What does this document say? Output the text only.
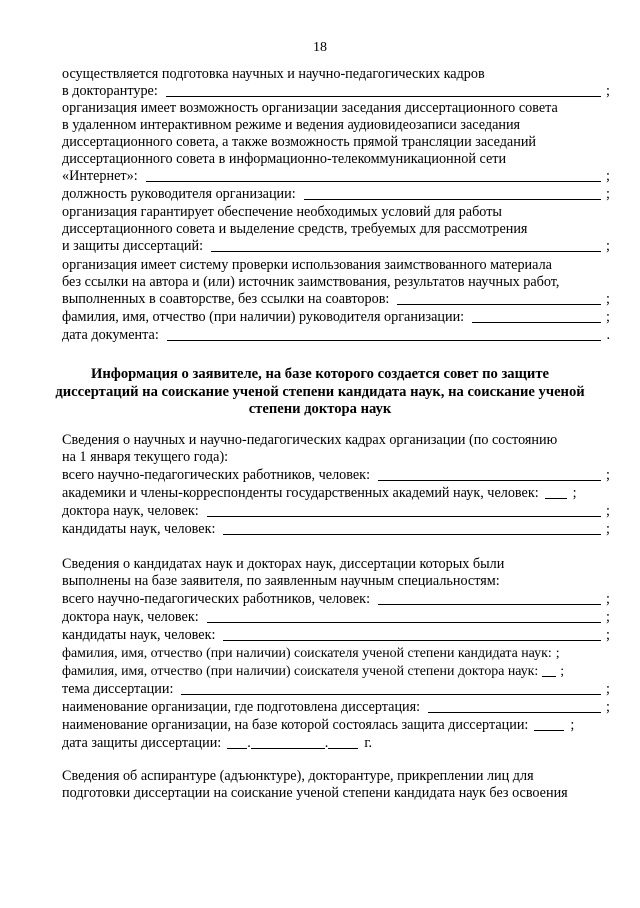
18
осуществляется подготовка научных и научно-педагогических кадров
в докторантуре:	;
организация имеет возможность организации заседания диссертационного совета
в удаленном интерактивном режиме и ведения аудиовидеозаписи заседания
диссертационного совета, а также возможность прямой трансляции заседаний
диссертационного совета в информационно-телекоммуникационной сети
«Интернет»:	;
должность руководителя организации:	;
организация гарантирует обеспечение необходимых условий для работы
диссертационного совета и выделение средств, требуемых для рассмотрения
и защиты диссертаций:	;
организация имеет систему проверки использования заимствованного материала
без ссылки на автора и (или) источник заимствования, результатов научных работ,
выполненных в соавторстве, без ссылки на соавторов:	;
фамилия, имя, отчество (при наличии) руководителя организации:	;
дата документа:	.
Информация о заявителе, на базе которого создается совет по защите
диссертаций на соискание ученой степени кандидата наук, на соискание ученой
степени доктора наук
Сведения о научных и научно-педагогических кадрах организации (по состоянию
на 1 января текущего года):
всего научно-педагогических работников, человек:	;
академики и члены-корреспонденты государственных академий наук, человек: ;
доктора наук, человек:	;
кандидаты наук, человек:	;
Сведения о кандидатах наук и докторах наук, диссертации которых были
выполнены на базе заявителя, по заявленным научным специальностям:
всего научно-педагогических работников, человек:	;
доктора наук, человек:	;
кандидаты наук, человек:	;
фамилия, имя, отчество (при наличии) соискателя ученой степени кандидата наук: ;
фамилия, имя, отчество (при наличии) соискателя ученой степени доктора наук: ;
тема диссертации:	;
наименование организации, где подготовлена диссертация:	;
наименование организации, на базе которой состоялась защита диссертации:	;
дата защиты диссертации: .	.	г.
Сведения об аспирантуре (адъюнктуре), докторантуре, прикреплении лиц для
подготовки диссертации на соискание ученой степени кандидата наук без освоения
